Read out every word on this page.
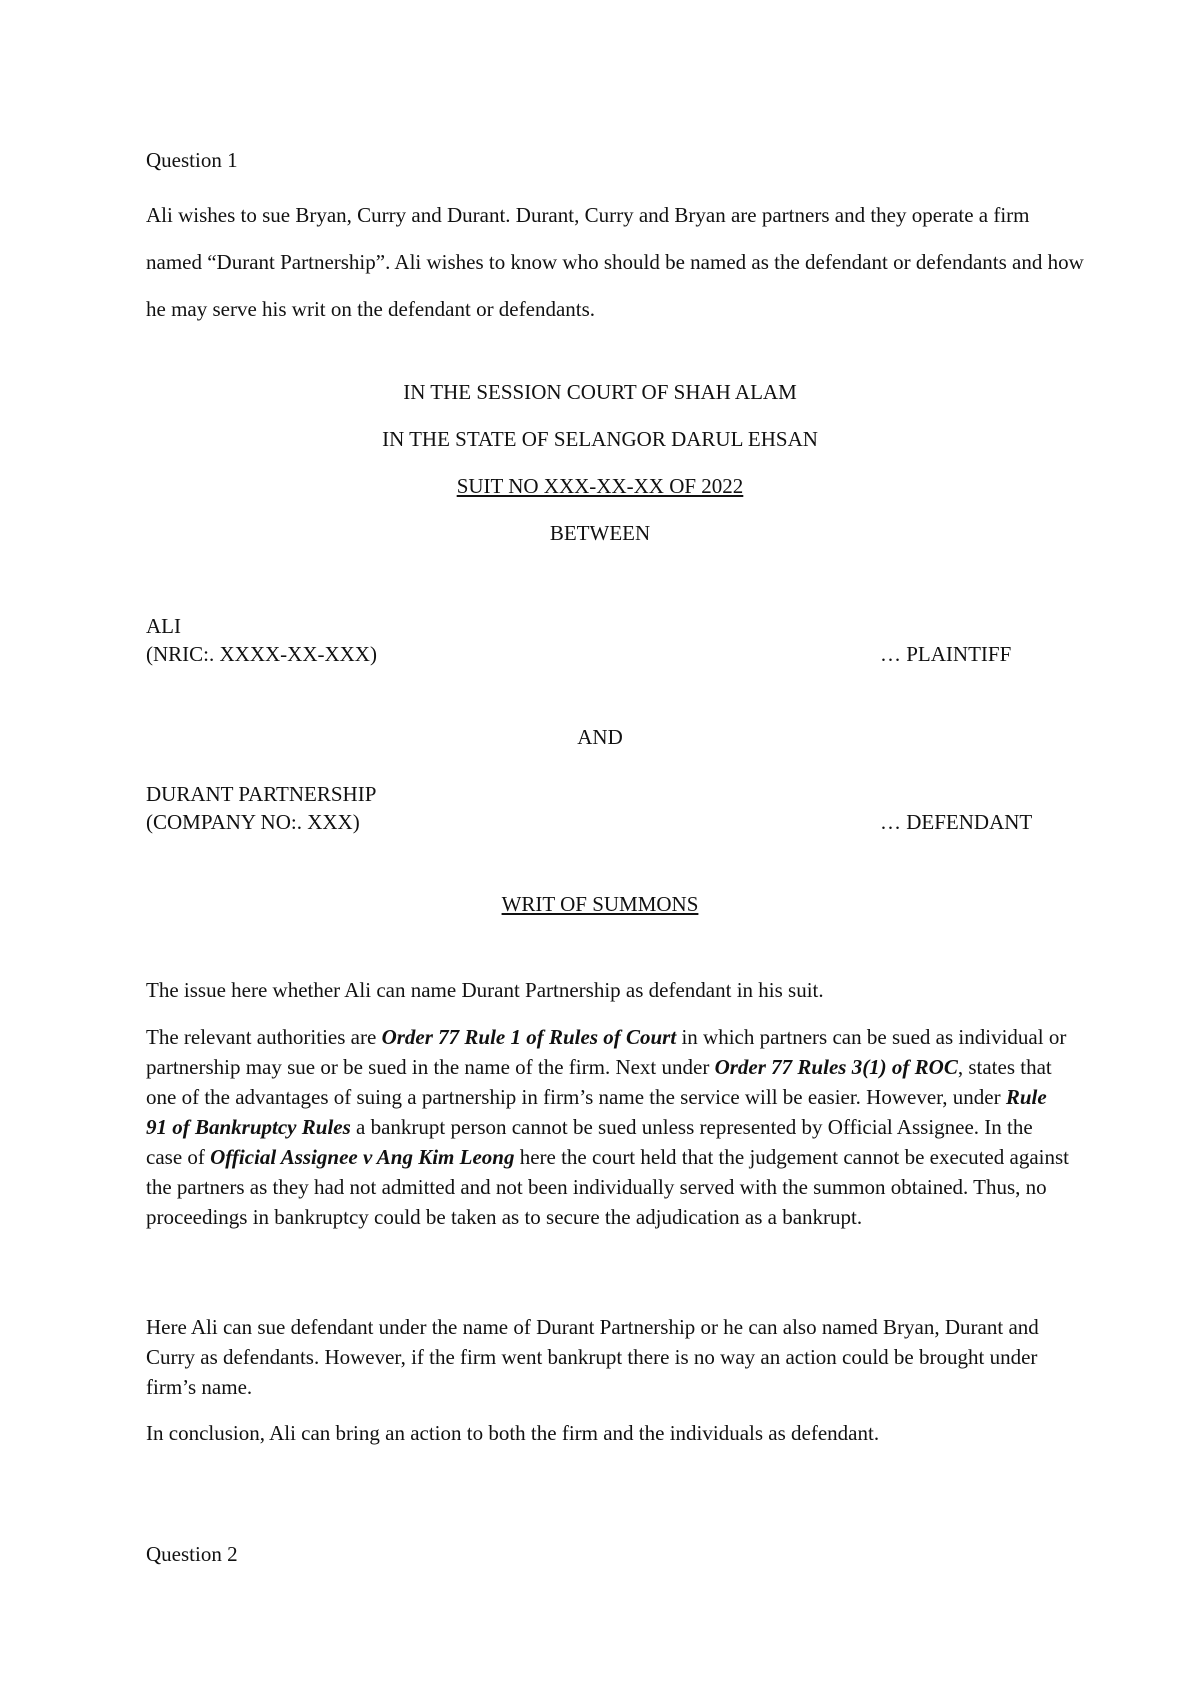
Question 1

Ali wishes to sue Bryan, Curry and Durant. Durant, Curry and Bryan are partners and they operate a firm named “Durant Partnership”. Ali wishes to know who should be named as the defendant or defendants and how he may serve his writ on the defendant or defendants.

IN THE SESSION COURT OF SHAH ALAM
IN THE STATE OF SELANGOR DARUL EHSAN
SUIT NO XXX-XX-XX OF 2022
BETWEEN
ALI
(NRIC:. XXXX-XX-XXX)	… PLAINTIFF
AND
DURANT PARTNERSHIP
(COMPANY NO:. XXX)	… DEFENDANT
WRIT OF SUMMONS

The issue here whether Ali can name Durant Partnership as defendant in his suit.

The relevant authorities are Order 77 Rule 1 of Rules of Court in which partners can be sued as individual or partnership may sue or be sued in the name of the firm. Next under Order 77 Rules 3(1) of ROC, states that one of the advantages of suing a partnership in firm’s name the service will be easier. However, under Rule 91 of Bankruptcy Rules a bankrupt person cannot be sued unless represented by Official Assignee. In the case of Official Assignee v Ang Kim Leong here the court held that the judgement cannot be executed against the partners as they had not admitted and not been individually served with the summon obtained. Thus, no proceedings in bankruptcy could be taken as to secure the adjudication as a bankrupt.

Here Ali can sue defendant under the name of Durant Partnership or he can also named Bryan, Durant and Curry as defendants. However, if the firm went bankrupt there is no way an action could be brought under firm’s name.

In conclusion, Ali can bring an action to both the firm and the individuals as defendant.

Question 2
